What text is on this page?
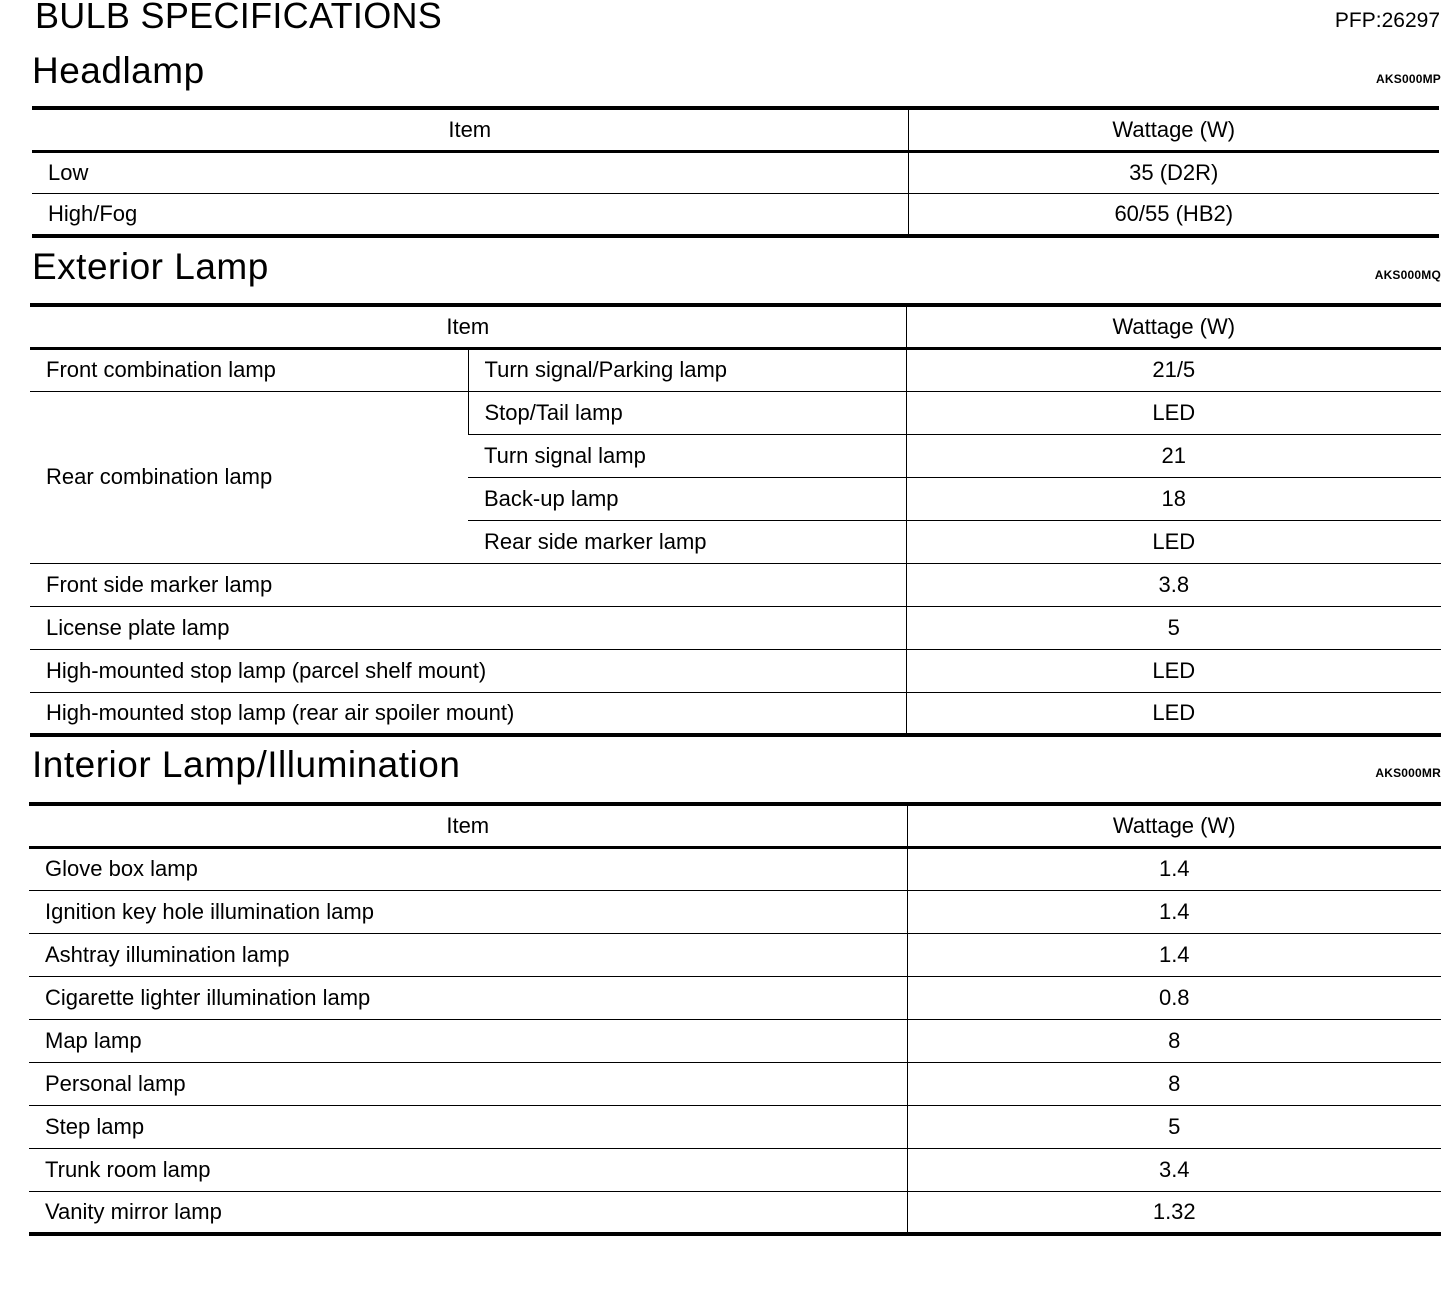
BULB SPECIFICATIONS	PFP:26297
Headlamp	AKS000MP
Item	Wattage (W)
Low	35 (D2R)
High/Fog	60/55 (HB2)
Exterior Lamp	AKS000MQ
Item		Wattage (W)
Front combination lamp	Turn signal/Parking lamp	21/5
Rear combination lamp	Stop/Tail lamp	LED
	Turn signal lamp	21
	Back-up lamp	18
	Rear side marker lamp	LED
Front side marker lamp		3.8
License plate lamp		5
High-mounted stop lamp (parcel shelf mount)		LED
High-mounted stop lamp (rear air spoiler mount)		LED
Interior Lamp/Illumination	AKS000MR
Item	Wattage (W)
Glove box lamp	1.4
Ignition key hole illumination lamp	1.4
Ashtray illumination lamp	1.4
Cigarette lighter illumination lamp	0.8
Map lamp	8
Personal lamp	8
Step lamp	5
Trunk room lamp	3.4
Vanity mirror lamp	1.32
